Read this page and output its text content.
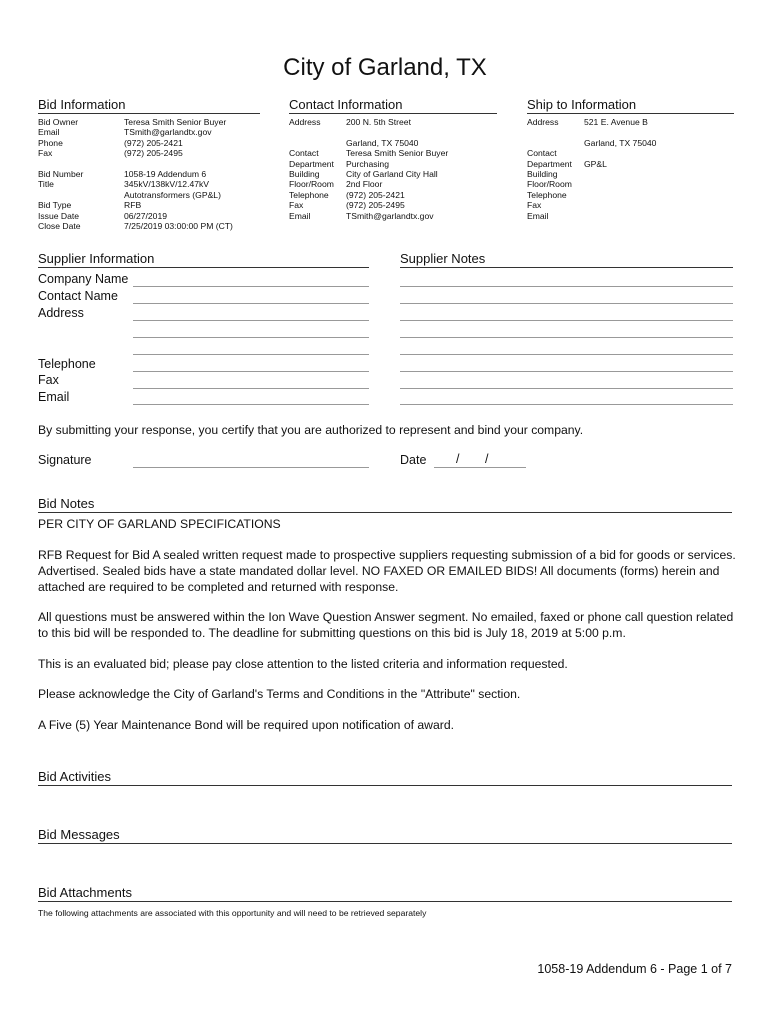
City of Garland, TX
Bid Information
Bid Owner	Teresa Smith Senior Buyer
Email	TSmith@garlandtx.gov
Phone	(972) 205-2421
Fax	(972) 205-2495
Bid Number	1058-19 Addendum 6
Title	345kV/138kV/12.47kV
Autotransformers (GP&L)
Bid Type	RFB
Issue Date	06/27/2019
Close Date	7/25/2019 03:00:00 PM (CT)
Contact Information
Address	200 N. 5th Street
Garland, TX 75040
Contact	Teresa Smith Senior Buyer
Department	Purchasing
Building	City of Garland City Hall
Floor/Room	2nd Floor
Telephone	(972) 205-2421
Fax	(972) 205-2495
Email	TSmith@garlandtx.gov
Ship to Information
Address	521 E. Avenue B
Garland, TX 75040
Contact
Department	GP&L
Building
Floor/Room
Telephone
Fax
Email
Supplier Information
Company Name
Contact Name
Address
Telephone
Fax
Email
Supplier Notes
By submitting your response, you certify that you are authorized to represent and bind your company.
Signature	Date / /
Bid Notes
PER CITY OF GARLAND SPECIFICATIONS
RFB Request for Bid A sealed written request made to prospective suppliers requesting submission of a bid for goods or services. Advertised. Sealed bids have a state mandated dollar level. NO FAXED OR EMAILED BIDS! All documents (forms) herein and attached are required to be completed and returned with response.
All questions must be answered within the Ion Wave Question Answer segment. No emailed, faxed or phone call question related to this bid will be responded to. The deadline for submitting questions on this bid is July 18, 2019 at 5:00 p.m.
This is an evaluated bid; please pay close attention to the listed criteria and information requested.
Please acknowledge the City of Garland's Terms and Conditions in the "Attribute" section.
A Five (5) Year Maintenance Bond will be required upon notification of award.
Bid Activities
Bid Messages
Bid Attachments
The following attachments are associated with this opportunity and will need to be retrieved separately
1058-19 Addendum 6 - Page 1 of 7
